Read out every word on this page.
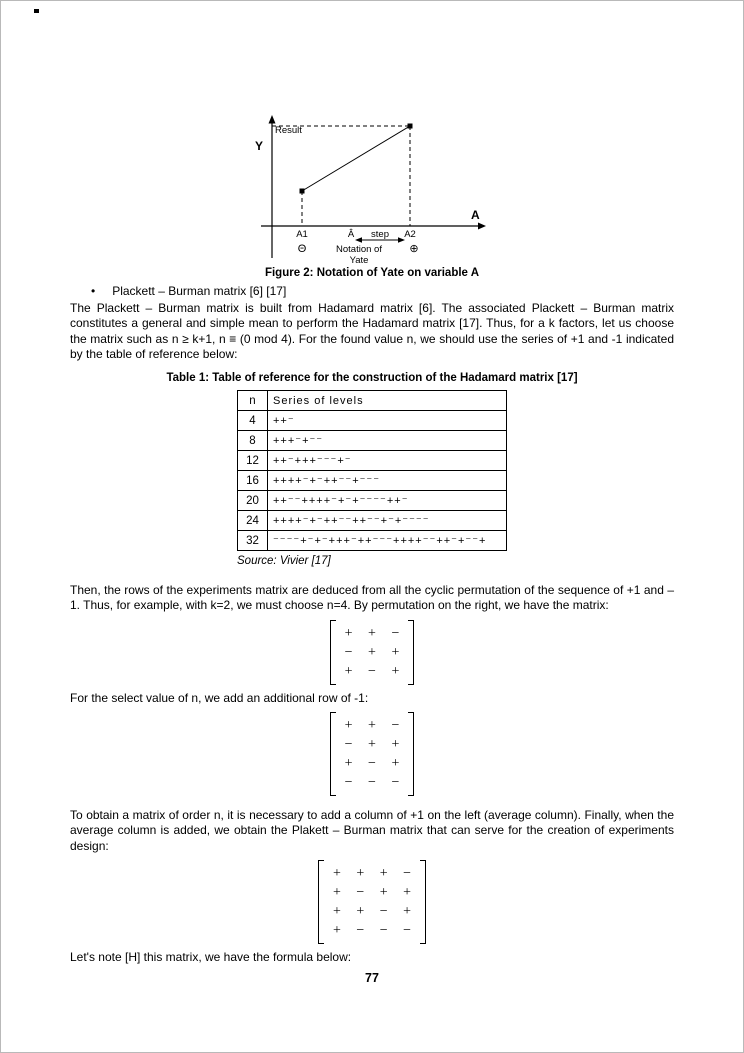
Result
Y
A
A1	Â	A2
step
Θ	Notation of
Yate
⊕
Figure 2: Notation of Yate on variable A
• Plackett – Burman matrix [6] [17]

The Plackett – Burman matrix is built from Hadamard matrix [6]. The associated Plackett – Burman matrix constitutes a general and simple mean to perform the Hadamard matrix [17]. Thus, for a k factors, let us choose the matrix such as n ≥ k+1, n ≡ (0 mod 4). For the found value n, we should use the series of +1 and -1 indicated by the table of reference below:

Table 1: Table of reference for the construction of the Hadamard matrix [17]
n	Series of levels
4	++⁻
8	+++⁻+⁻⁻
12	++⁻+++⁻⁻⁻+⁻
16	++++⁻+⁻++⁻⁻+⁻⁻⁻
20	++⁻⁻++++⁻+⁻+⁻⁻⁻⁻++⁻
24	++++⁻+⁻++⁻⁻++⁻⁻+⁻+⁻⁻⁻⁻
32	⁻⁻⁻⁻+⁻+⁻+++⁻++⁻⁻⁻++++⁻⁻++⁻+⁻⁻+
Source: Vivier [17]

Then, the rows of the experiments matrix are deduced from all the cyclic permutation of the sequence of +1 and –1. Thus, for example, with k=2, we must choose n=4. By permutation on the right, we have the matrix:

+ + −
− + +
+ − +

For the select value of n, we add an additional row of -1:

+ + −
− + +
+ − +
− − −

To obtain a matrix of order n, it is necessary to add a column of +1 on the left (average column). Finally, when the average column is added, we obtain the Plakett – Burman matrix that can serve for the creation of experiments design:

+ + + −
+ − + +
+ + − +
+ − − −

Let's note [H] this matrix, we have the formula below:

77
